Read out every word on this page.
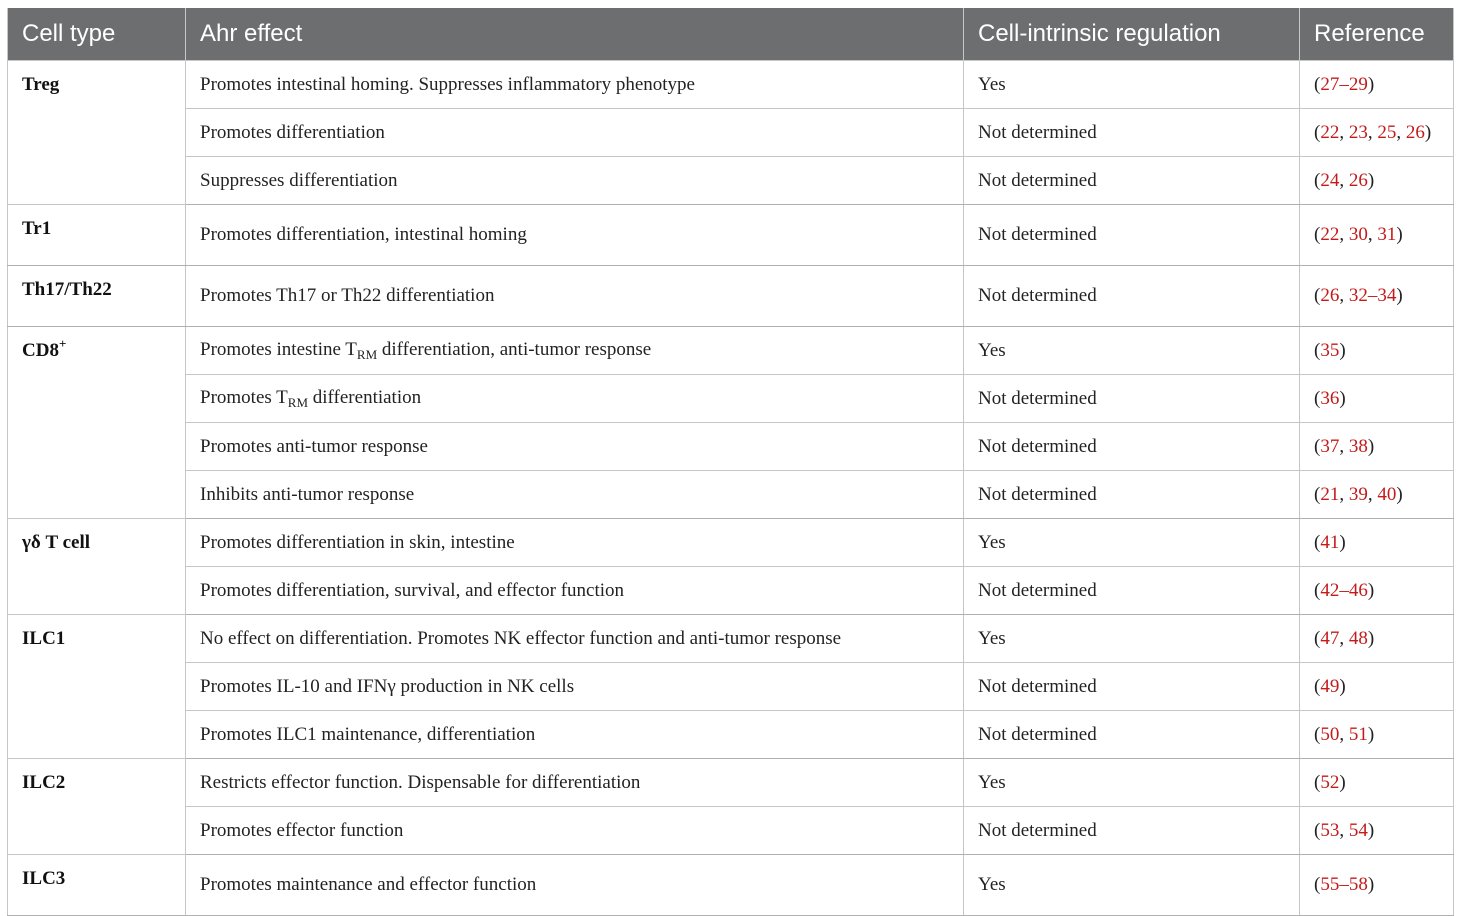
Cell type	Ahr effect	Cell-intrinsic regulation	Reference
Treg	Promotes intestinal homing. Suppresses inflammatory phenotype	Yes	(27–29)
	Promotes differentiation	Not determined	(22, 23, 25, 26)
	Suppresses differentiation	Not determined	(24, 26)
Tr1	Promotes differentiation, intestinal homing	Not determined	(22, 30, 31)
Th17/Th22	Promotes Th17 or Th22 differentiation	Not determined	(26, 32–34)
CD8+	Promotes intestine $T_{RM}$ differentiation, anti-tumor response	Yes	(35)
	Promotes $T_{RM}$ differentiation	Not determined	(36)
	Promotes anti-tumor response	Not determined	(37, 38)
	Inhibits anti-tumor response	Not determined	(21, 39, 40)
γδ T cell	Promotes differentiation in skin, intestine	Yes	(41)
	Promotes differentiation, survival, and effector function	Not determined	(42–46)
ILC1	No effect on differentiation. Promotes NK effector function and anti-tumor response	Yes	(47, 48)
	Promotes IL-10 and IFNγ production in NK cells	Not determined	(49)
	Promotes ILC1 maintenance, differentiation	Not determined	(50, 51)
ILC2	Restricts effector function. Dispensable for differentiation	Yes	(52)
	Promotes effector function	Not determined	(53, 54)
ILC3	Promotes maintenance and effector function	Yes	(55–58)
